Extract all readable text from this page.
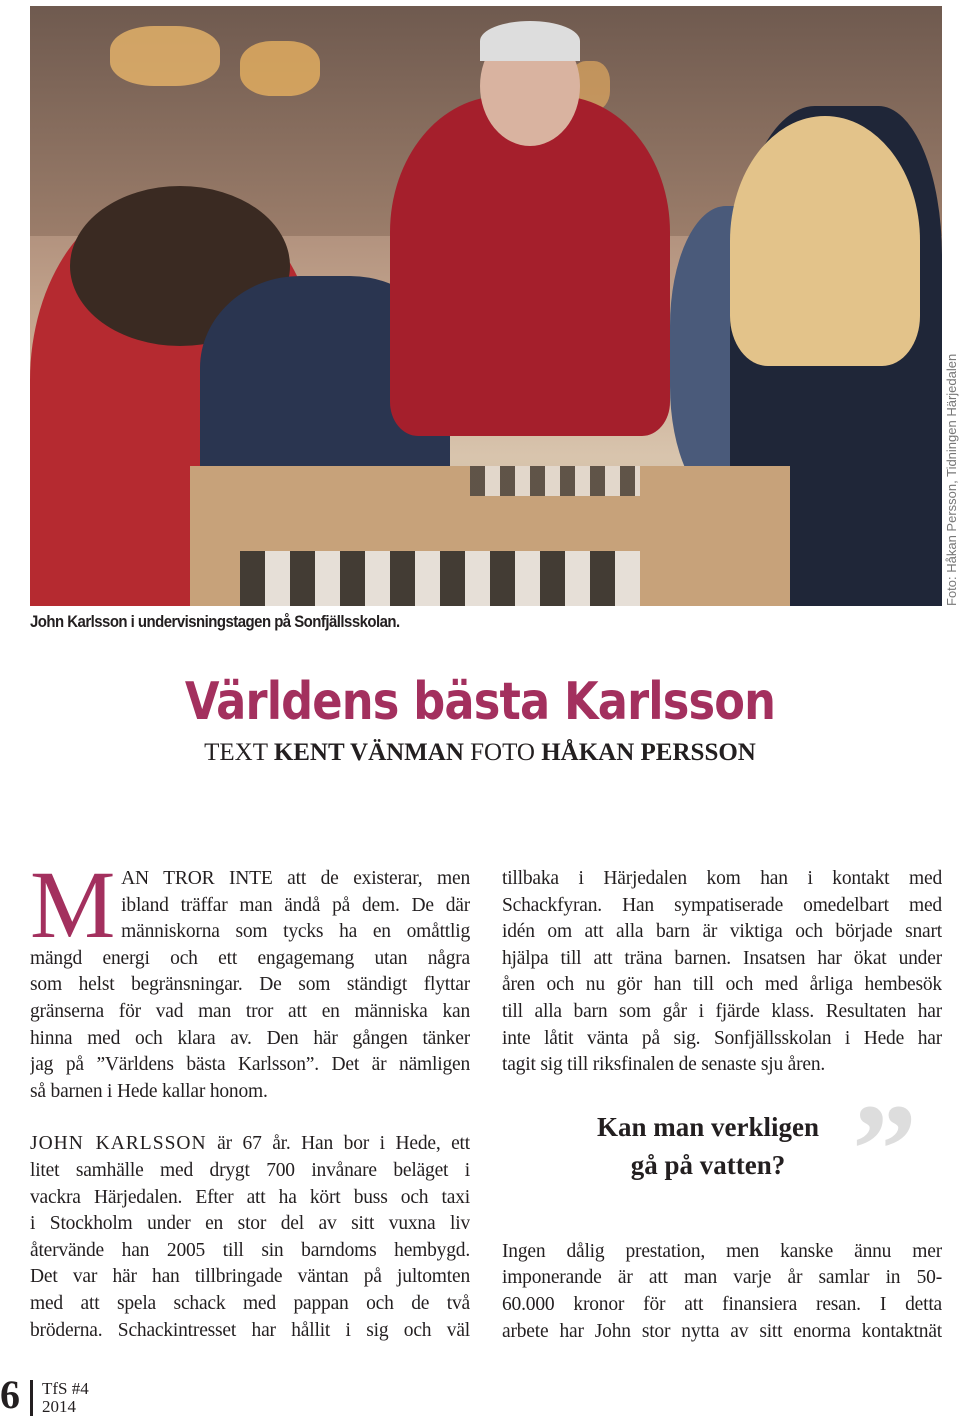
Foto: Håkan Persson, Tidningen Härjedalen
John Karlsson i undervisningstagen på Sonfjällsskolan.
Världens bästa Karlsson
TEXT KENT VÄNMAN FOTO HÅKAN PERSSON
M AN TROR INTE att de existerar, men
ibland träffar man ändå på dem. De där
människorna som tycks ha en omåttlig
mängd energi och ett engagemang utan några
som helst begränsningar. De som ständigt flyttar
gränserna för vad man tror att en människa kan
hinna med och klara av. Den här gången tänker
jag på ”Världens bästa Karlsson”. Det är nämligen
så barnen i Hede kallar honom.
JOHN KARLSSON är 67 år. Han bor i Hede, ett
litet samhälle med drygt 700 invånare beläget i
vackra Härjedalen. Efter att ha kört buss och taxi
i Stockholm under en stor del av sitt vuxna liv
återvände han 2005 till sin barndoms hembygd.
Det var här han tillbringade väntan på jultomten
med att spela schack med pappan och de två
bröderna. Schackintresset har hållit i sig och väl
tillbaka i Härjedalen kom han i kontakt med
Schackfyran. Han sympatiserade omedelbart med
idén om att alla barn är viktiga och började snart
hjälpa till att träna barnen. Insatsen har ökat under
åren och nu gör han till och med årliga hembesök
till alla barn som går i fjärde klass. Resultaten har
inte låtit vänta på sig. Sonfjällsskolan i Hede har
tagit sig till riksfinalen de senaste sju åren.
Ingen dålig prestation, men kanske ännu mer
imponerande är att man varje år samlar in 50-
60.000 kronor för att finansiera resan. I detta
arbete har John stor nytta av sitt enorma kontaktnät
”
Kan man verkligen
gå på vatten?
6 TfS #4
2014
